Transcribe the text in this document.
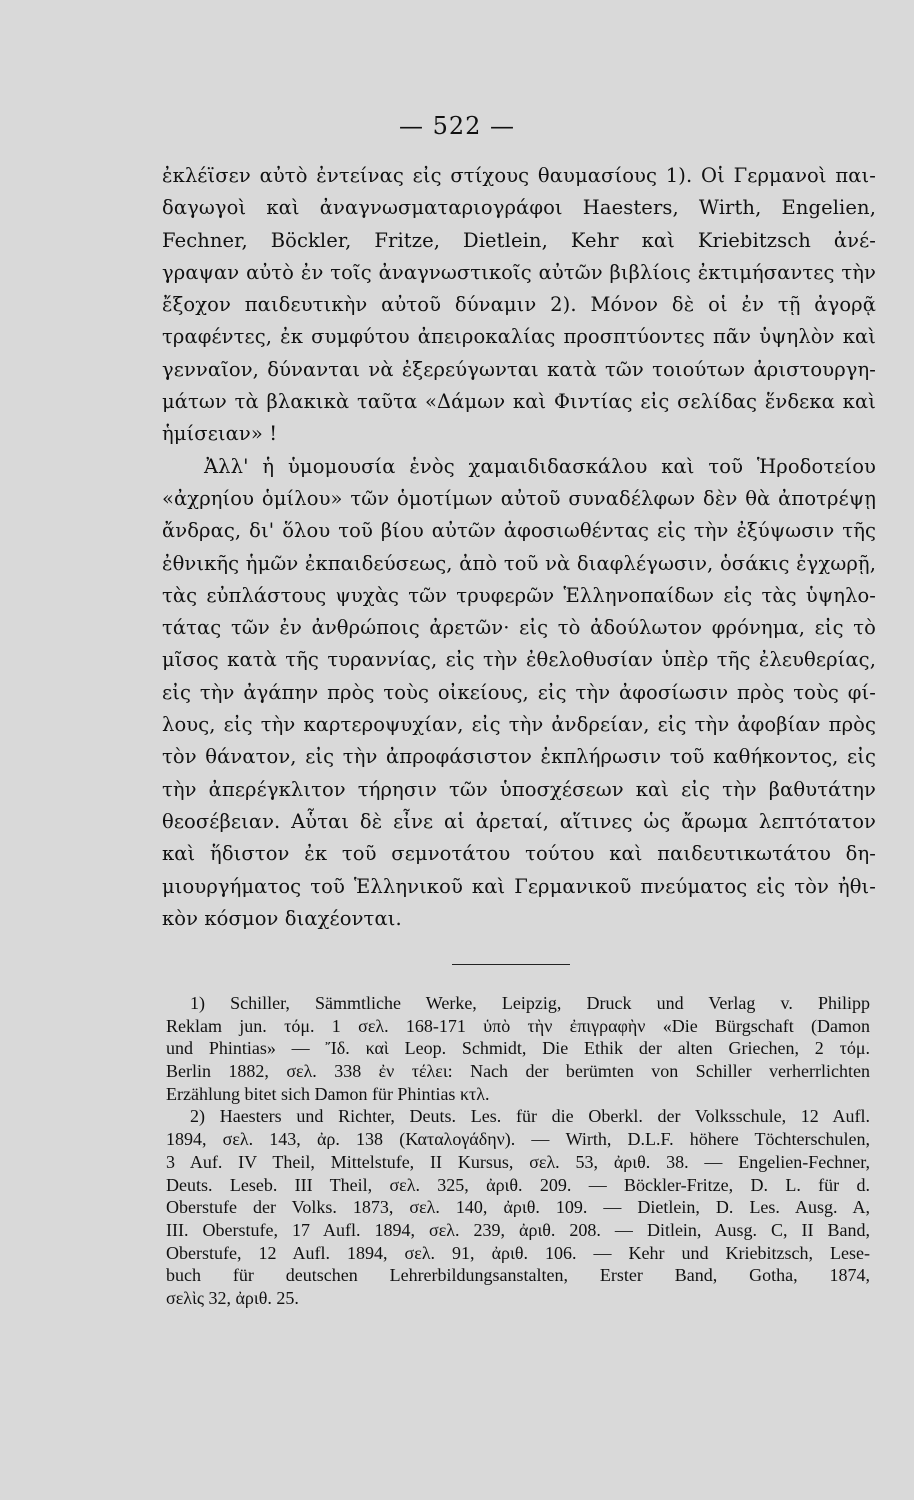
— 522 —
ἐκλέϊσεν αὐτὸ ἐντείνας εἰς στίχους θαυμασίους 1). Οἱ Γερμανοὶ παι-
δαγωγοὶ καὶ ἀναγνωσματαριογράφοι Haesters, Wirth, Engelien,
Fechner, Böckler, Fritze, Dietlein, Kehr καὶ Kriebitzsch ἀνέ-
γραψαν αὐτὸ ἐν τοῖς ἀναγνωστικοῖς αὐτῶν βιβλίοις ἐκτιμήσαντες τὴν
ἔξοχον παιδευτικὴν αὐτοῦ δύναμιν 2). Μόνον δὲ οἱ ἐν τῇ ἀγορᾷ
τραφέντες, ἐκ συμφύτου ἀπειροκαλίας προσπτύοντες πᾶν ὑψηλὸν καὶ
γενναῖον, δύνανται νὰ ἐξερεύγωνται κατὰ τῶν τοιούτων ἀριστουργη-
μάτων τὰ βλακικὰ ταῦτα «Δάμων καὶ Φιντίας εἰς σελίδας ἕνδεκα καὶ
ἡμίσειαν» !
Ἀλλ' ἡ ὑμομουσία ἑνὸς χαμαιδιδασκάλου καὶ τοῦ Ἡροδοτείου
«ἀχρηίου ὁμίλου» τῶν ὁμοτίμων αὐτοῦ συναδέλφων δὲν θὰ ἀποτρέψῃ
ἄνδρας, δι' ὅλου τοῦ βίου αὐτῶν ἀφοσιωθέντας εἰς τὴν ἐξύψωσιν τῆς
ἐθνικῆς ἡμῶν ἐκπαιδεύσεως, ἀπὸ τοῦ νὰ διαφλέγωσιν, ὁσάκις ἐγχωρῇ,
τὰς εὐπλάστους ψυχὰς τῶν τρυφερῶν Ἑλληνοπαίδων εἰς τὰς ὑψηλο-
τάτας τῶν ἐν ἀνθρώποις ἀρετῶν· εἰς τὸ ἀδούλωτον φρόνημα, εἰς τὸ
μῖσος κατὰ τῆς τυραννίας, εἰς τὴν ἐθελοθυσίαν ὑπὲρ τῆς ἐλευθερίας,
εἰς τὴν ἀγάπην πρὸς τοὺς οἰκείους, εἰς τὴν ἀφοσίωσιν πρὸς τοὺς φί-
λους, εἰς τὴν καρτεροψυχίαν, εἰς τὴν ἀνδρείαν, εἰς τὴν ἀφοβίαν πρὸς
τὸν θάνατον, εἰς τὴν ἀπροφάσιστον ἐκπλήρωσιν τοῦ καθήκοντος, εἰς
τὴν ἀπερέγκλιτον τήρησιν τῶν ὑποσχέσεων καὶ εἰς τὴν βαθυτάτην
θεοσέβειαν. Αὗται δὲ εἶνε αἱ ἀρεταί, αἵτινες ὡς ἄρωμα λεπτότατον
καὶ ἥδιστον ἐκ τοῦ σεμνοτάτου τούτου καὶ παιδευτικωτάτου δη-
μιουργήματος τοῦ Ἑλληνικοῦ καὶ Γερμανικοῦ πνεύματος εἰς τὸν ἠθι-
κὸν κόσμον διαχέονται.
1) Schiller, Sämmtliche Werke, Leipzig, Druck und Verlag v. Philipp
Reklam jun. τόμ. 1 σελ. 168-171 ὑπὸ τὴν ἐπιγραφὴν «Die Bürgschaft (Damon
und Phintias» — Ἴδ. καὶ Leop. Schmidt, Die Ethik der alten Griechen, 2 τόμ.
Berlin 1882, σελ. 338 ἐν τέλει: Nach der berümten von Schiller verherrlichten
Erzählung bitet sich Damon für Phintias κτλ.
2) Haesters und Richter, Deuts. Les. für die Oberkl. der Volksschule, 12 Aufl.
1894, σελ. 143, ἀρ. 138 (Καταλογάδην). — Wirth, D.L.F. höhere Töchterschulen,
3 Auf. IV Theil, Mittelstufe, II Kursus, σελ. 53, ἀριθ. 38. — Engelien-Fechner,
Deuts. Leseb. III Theil, σελ. 325, ἀριθ. 209. — Böckler-Fritze, D. L. für d.
Oberstufe der Volks. 1873, σελ. 140, ἀριθ. 109. — Dietlein, D. Les. Ausg. A,
III. Oberstufe, 17 Aufl. 1894, σελ. 239, ἀριθ. 208. — Ditlein, Ausg. C, II Band,
Oberstufe, 12 Aufl. 1894, σελ. 91, ἀριθ. 106. — Kehr und Kriebitzsch, Lese-
buch für deutschen Lehrerbildungsanstalten, Erster Band, Gotha, 1874,
σελὶς 32, ἀριθ. 25.
